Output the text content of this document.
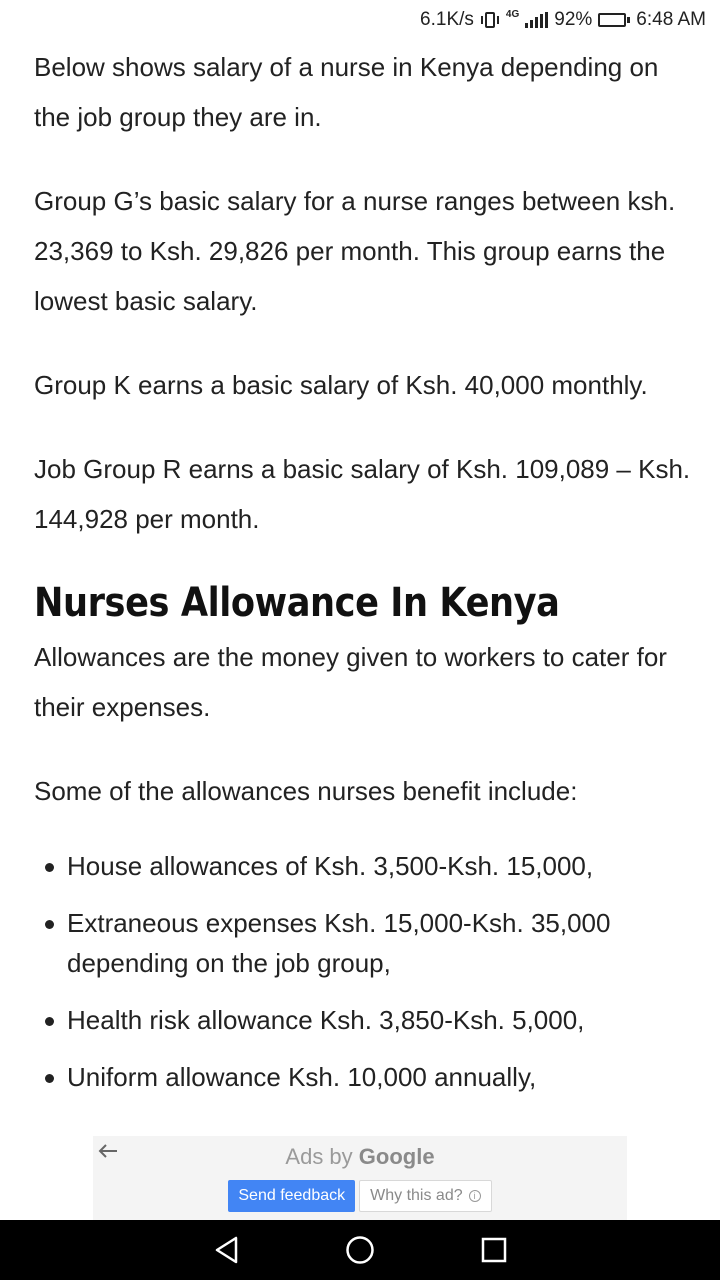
6.1K/s	4G 92% 6:48 AM

Below shows salary of a nurse in Kenya depending on the job group they are in.

Group G’s basic salary for a nurse ranges between ksh. 23,369 to Ksh. 29,826 per month. This group earns the lowest basic salary.

Group K earns a basic salary of Ksh. 40,000 monthly.

Job Group R earns a basic salary of Ksh. 109,089 – Ksh. 144,928 per month.

Nurses Allowance In Kenya

Allowances are the money given to workers to cater for their expenses.

Some of the allowances nurses benefit include:

House allowances of Ksh. 3,500-Ksh. 15,000,
Extraneous expenses Ksh. 15,000-Ksh. 35,000 depending on the job group,
Health risk allowance Ksh. 3,850-Ksh. 5,000,
Uniform allowance Ksh. 10,000 annually,
Ads by Google
Send feedback	Why this ad?	i
